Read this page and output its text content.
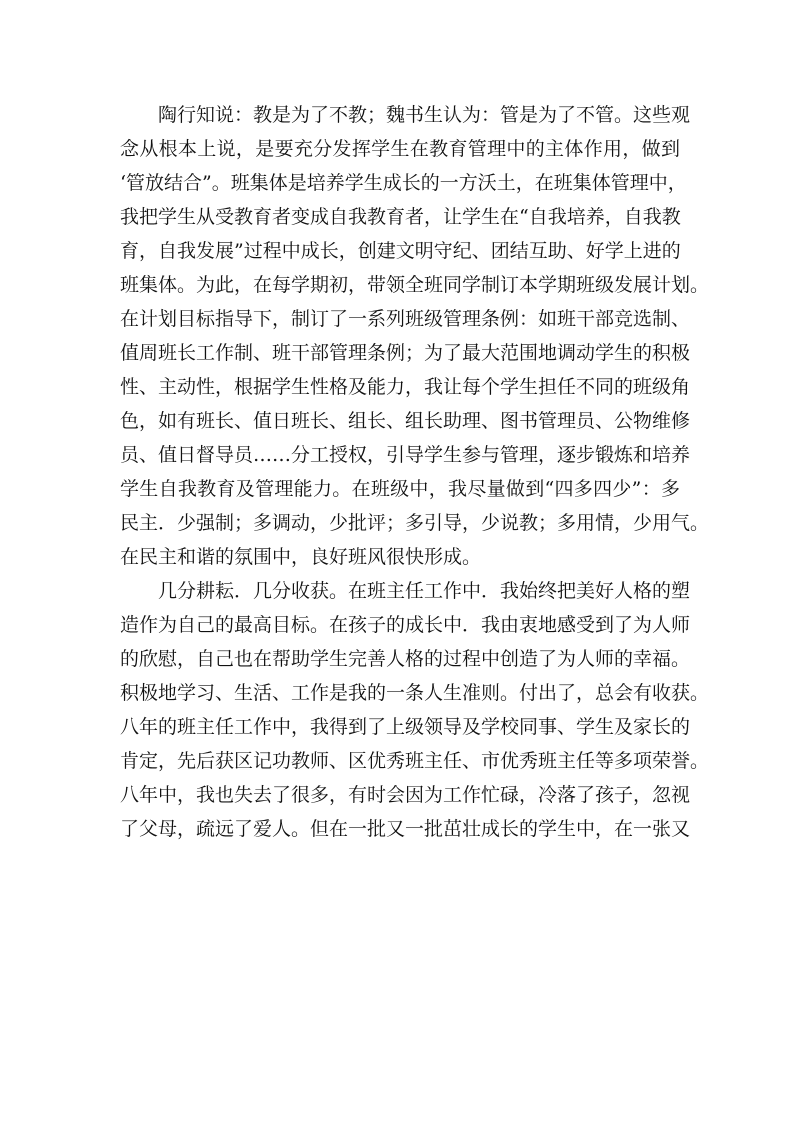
陶行知说：教是为了不教；魏书生认为：管是为了不管。这些观
念从根本上说，是要充分发挥学生在教育管理中的主体作用，做到
‘管放结合”。班集体是培养学生成长的一方沃土，在班集体管理中，
我把学生从受教育者变成自我教育者，让学生在“自我培养，自我教
育，自我发展”过程中成长，创建文明守纪、团结互助、好学上进的
班集体。为此，在每学期初，带领全班同学制订本学期班级发展计划。
在计划目标指导下，制订了一系列班级管理条例：如班干部竞选制、
值周班长工作制、班干部管理条例；为了最大范围地调动学生的积极
性、主动性，根据学生性格及能力，我让每个学生担任不同的班级角
色，如有班长、值日班长、组长、组长助理、图书管理员、公物维修
员、值日督导员……分工授权，引导学生参与管理，逐步锻炼和培养
学生自我教育及管理能力。在班级中，我尽量做到“四多四少”：多
民主．少强制；多调动，少批评；多引导，少说教；多用情，少用气。
在民主和谐的氛围中，良好班风很快形成。
几分耕耘．几分收获。在班主任工作中．我始终把美好人格的塑
造作为自己的最高目标。在孩子的成长中．我由衷地感受到了为人师
的欣慰，自己也在帮助学生完善人格的过程中创造了为人师的幸福。
积极地学习、生活、工作是我的一条人生准则。付出了，总会有收获。
八年的班主任工作中，我得到了上级领导及学校同事、学生及家长的
肯定，先后获区记功教师、区优秀班主任、市优秀班主任等多项荣誉。
八年中，我也失去了很多，有时会因为工作忙碌，冷落了孩子，忽视
了父母，疏远了爱人。但在一批又一批茁壮成长的学生中，在一张又
